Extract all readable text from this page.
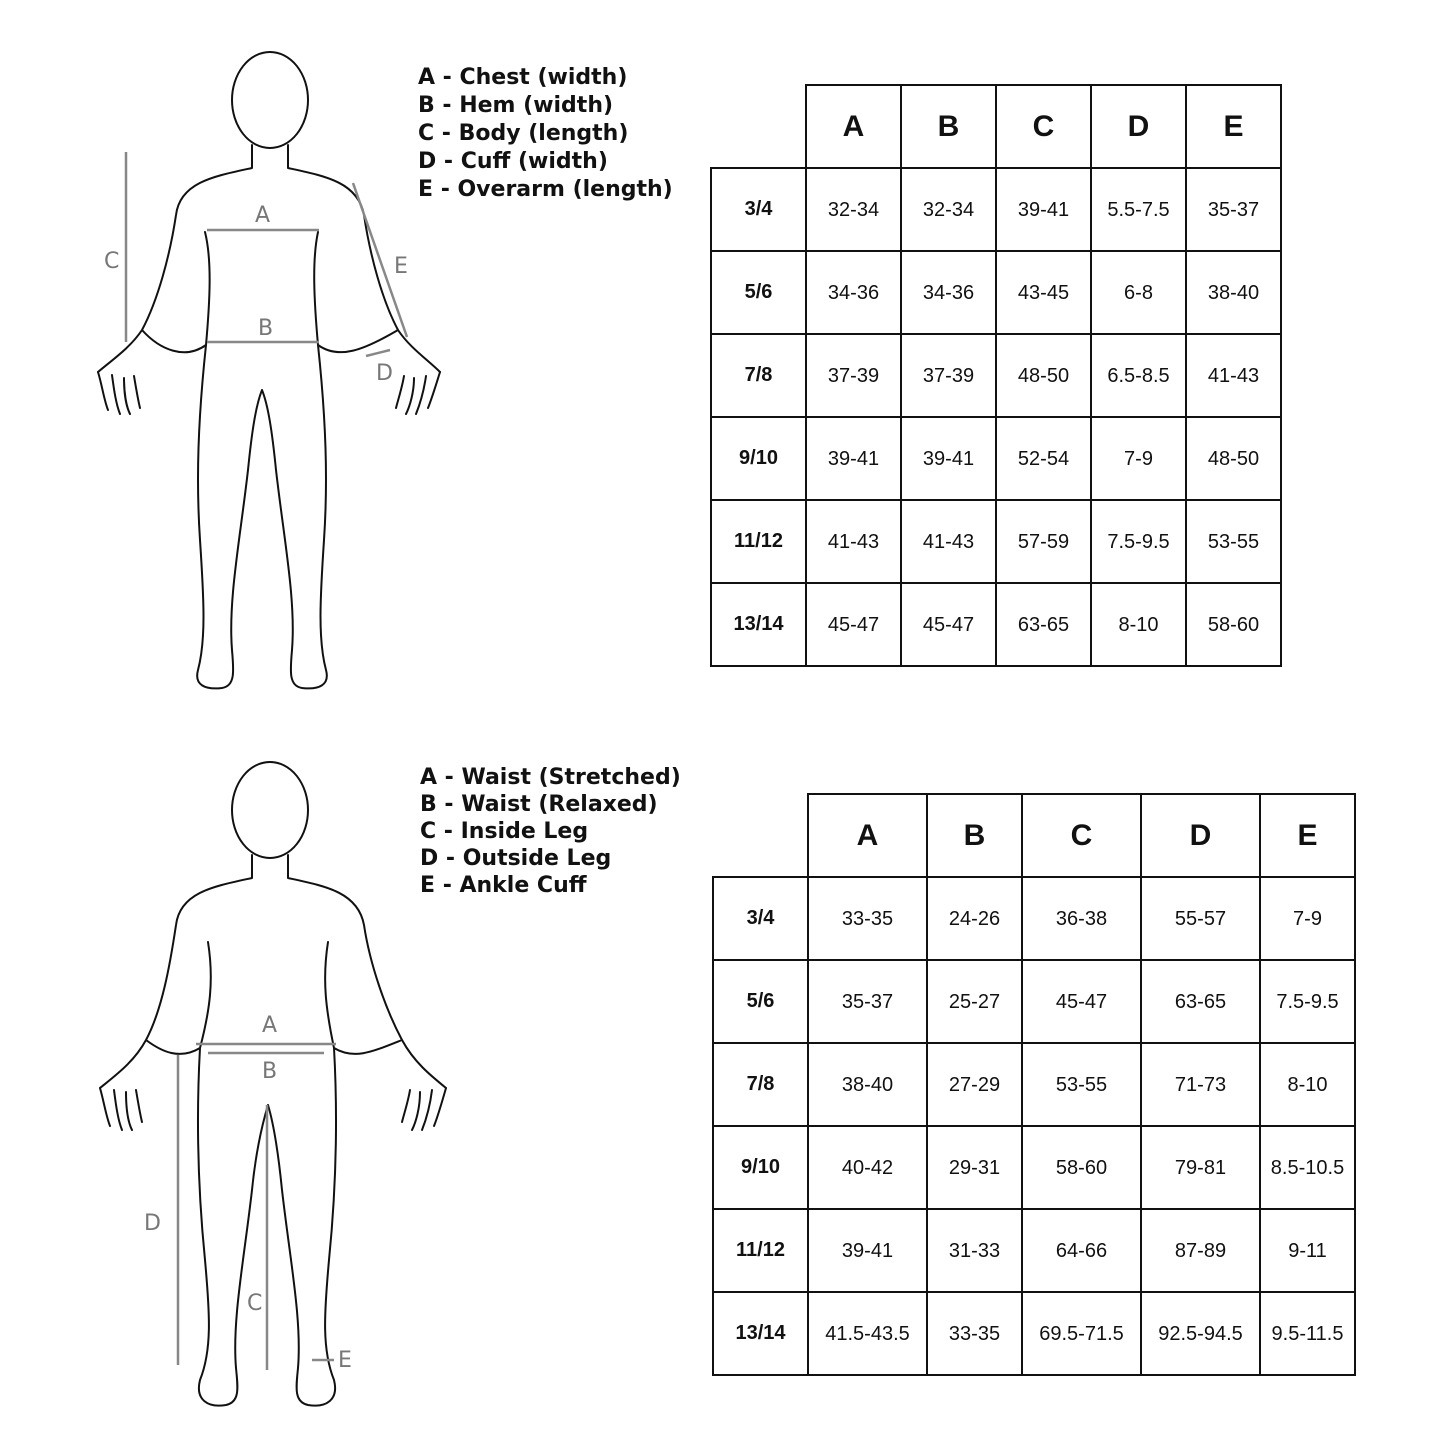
A
B
C
D
E
A - Chest (width)
B - Hem (width)
C - Body (length)
D - Cuff (width)
E - Overarm (length)
	A	B	C	D	E
3/4	32-34	32-34	39-41	5.5-7.5	35-37
5/6	34-36	34-36	43-45	6-8	38-40
7/8	37-39	37-39	48-50	6.5-8.5	41-43
9/10	39-41	39-41	52-54	7-9	48-50
11/12	41-43	41-43	57-59	7.5-9.5	53-55
13/14	45-47	45-47	63-65	8-10	58-60
A
B
C
D
E
A - Waist (Stretched)
B - Waist (Relaxed)
C - Inside Leg
D - Outside Leg
E - Ankle Cuff
	A	B	C	D	E
3/4	33-35	24-26	36-38	55-57	7-9
5/6	35-37	25-27	45-47	63-65	7.5-9.5
7/8	38-40	27-29	53-55	71-73	8-10
9/10	40-42	29-31	58-60	79-81	8.5-10.5
11/12	39-41	31-33	64-66	87-89	9-11
13/14	41.5-43.5	33-35	69.5-71.5	92.5-94.5	9.5-11.5
